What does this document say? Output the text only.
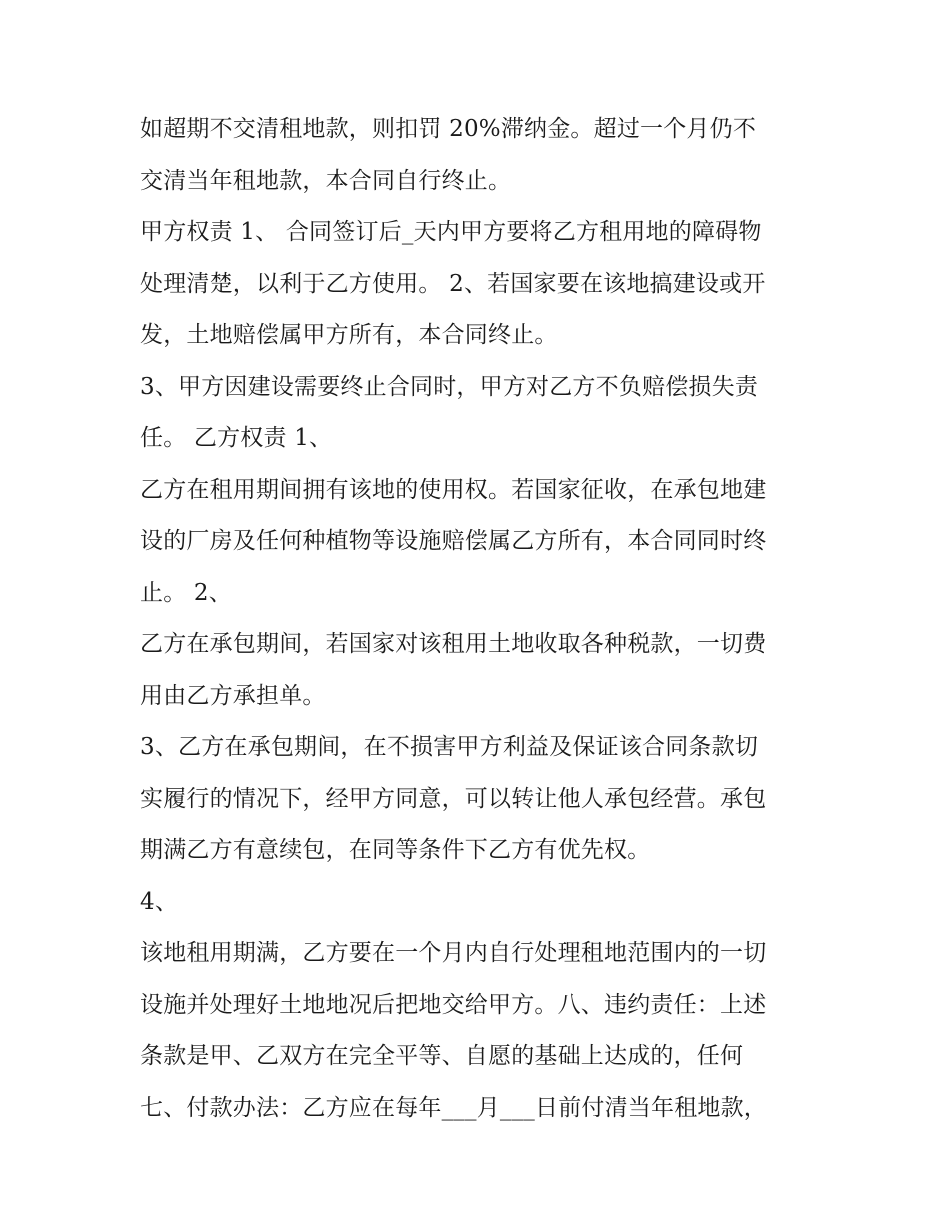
如超期不交清租地款，则扣罚 20%滞纳金。超过一个月仍不
交清当年租地款，本合同自行终止。
甲方权责 1、 合同签订后_天内甲方要将乙方租用地的障碍物
处理清楚，以利于乙方使用。 2、若国家要在该地搞建设或开
发，土地赔偿属甲方所有，本合同终止。
3、甲方因建设需要终止合同时，甲方对乙方不负赔偿损失责
任。 乙方权责 1、
乙方在租用期间拥有该地的使用权。若国家征收，在承包地建
设的厂房及任何种植物等设施赔偿属乙方所有，本合同同时终
止。 2、
乙方在承包期间，若国家对该租用土地收取各种税款，一切费
用由乙方承担单。
3、乙方在承包期间，在不损害甲方利益及保证该合同条款切
实履行的情况下，经甲方同意，可以转让他人承包经营。承包
期满乙方有意续包，在同等条件下乙方有优先权。
4、
该地租用期满，乙方要在一个月内自行处理租地范围内的一切
设施并处理好土地地况后把地交给甲方。八、违约责任：上述
条款是甲、乙双方在完全平等、自愿的基础上达成的，任何
七、付款办法：乙方应在每年___月___日前付清当年租地款，
